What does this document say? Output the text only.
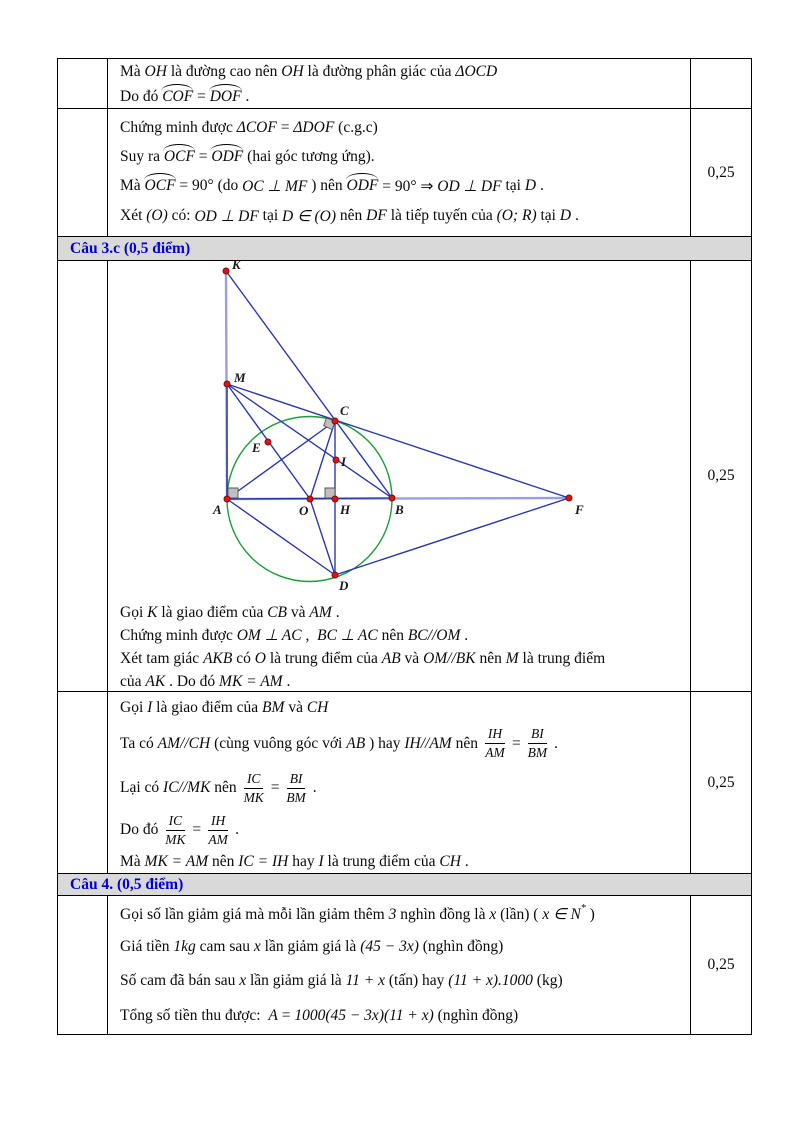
Mà OH là đường cao nên OH là đường phân giác của ΔOCD
Do đó COF = DOF .
Chứng minh được ΔCOF = ΔDOF (c.g.c)
Suy ra OCF = ODF (hai góc tương ứng).
Mà OCF = 90° (do OC ⊥ MF ) nên ODF = 90° ⇒ OD ⊥ DF tại D .
Xét (O) có: OD ⊥ DF tại D ∈ (O) nên DF là tiếp tuyến của (O; R) tại D .
0,25
Câu 3.c (0,5 điểm)
K
M
C
E
I
A	O H	B	F
D
Gọi K là giao điểm của CB và AM .
Chứng minh được OM ⊥ AC , BC ⊥ AC nên BC//OM .
Xét tam giác AKB có O là trung điểm của AB và OM//BK nên M là trung điểm
của AK . Do đó MK = AM .
0,25
Gọi I là giao điểm của BM và CH
Ta có AM//CH (cùng vuông góc với AB ) hay IH//AM nên $\frac{IH}{AM} = \frac{BI}{BM}$ .
Lại có IC//MK nên $\frac{IC}{MK} = \frac{BI}{BM}$ .
Do đó $\frac{IC}{MK} = \frac{IH}{AM}$ .
Mà MK = AM nên IC = IH hay I là trung điểm của CH .
0,25
Câu 4. (0,5 điểm)
Gọi số lần giảm giá mà mỗi lần giảm thêm 3 nghìn đồng là x (lần) ( x ∈ N * )
Giá tiền 1kg cam sau x lần giảm giá là (45 − 3x) (nghìn đồng)
Số cam đã bán sau x lần giảm giá là 11 + x (tấn) hay (11 + x).1000 (kg)
Tổng số tiền thu được: A = 1000(45 − 3x)(11 + x) (nghìn đồng)
0,25
